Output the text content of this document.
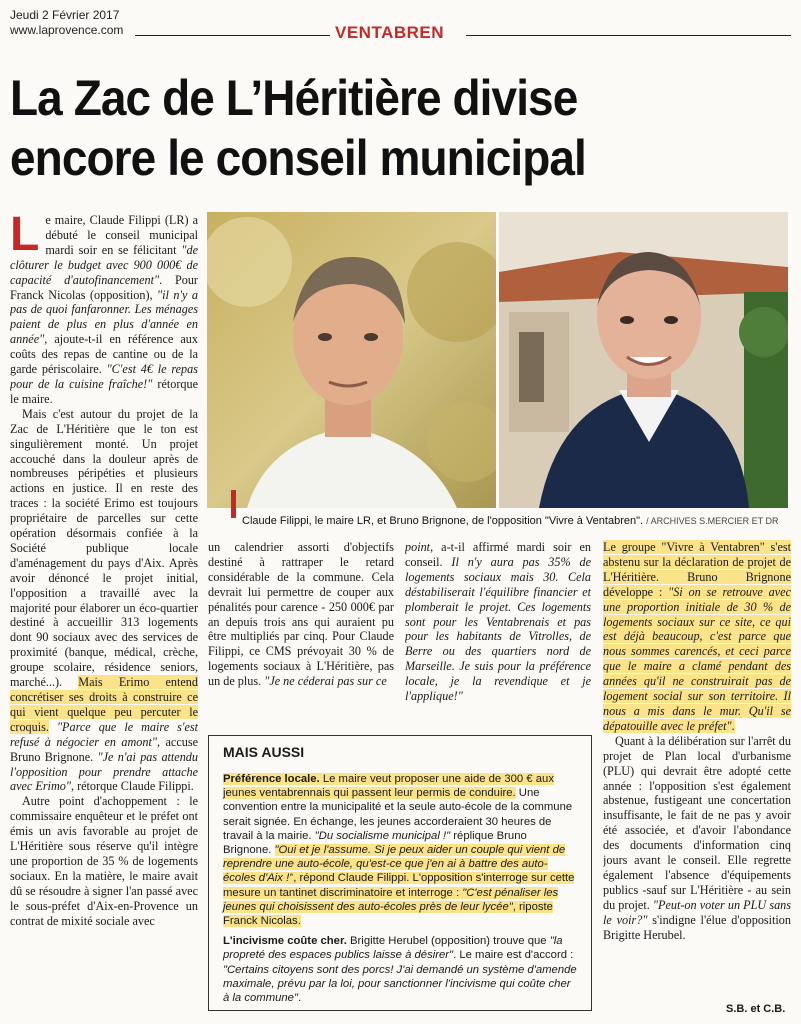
Jeudi 2 Février 2017
www.laprovence.com	VENTABREN
La Zac de L’Héritière divise
encore le conseil municipal
Claude Filippi, le maire LR, et Bruno Brignone, de l'opposition "Vivre à Ventabren". / ARCHIVES S.MERCIER ET DR

Le maire, Claude Filippi (LR) a débuté le conseil municipal mardi soir en se félicitant "de clôturer le budget avec 900 000€ de capacité d'autofinancement". Pour Franck Nicolas (opposition), "il n'y a pas de quoi fanfaronner. Les ménages paient de plus en plus d'année en année", ajoute-t-il en référence aux coûts des repas de cantine ou de la garde périscolaire. "C'est 4€ le repas pour de la cuisine fraîche!" rétorque le maire.

Mais c'est autour du projet de la Zac de L'Héritière que le ton est singulièrement monté. Un projet accouché dans la douleur après de nombreuses péripéties et plusieurs actions en justice. Il en reste des traces : la société Erimo est toujours propriétaire de parcelles sur cette opération désormais confiée à la Société publique locale d'aménagement du pays d'Aix. Après avoir dénoncé le projet initial, l'opposition a travaillé avec la majorité pour élaborer un éco-quartier destiné à accueillir 313 logements dont 90 sociaux avec des services de proximité (banque, médical, crèche, groupe scolaire, résidence seniors, marché...). Mais Erimo entend concrétiser ses droits à construire ce qui vient quelque peu percuter le croquis. "Parce que le maire s'est refusé à négocier en amont", accuse Bruno Brignone. "Je n'ai pas attendu l'opposition pour prendre attache avec Erimo", rétorque Claude Filippi.

Autre point d'achoppement : le commissaire enquêteur et le préfet ont émis un avis favorable au projet de L'Héritière sous réserve qu'il intègre une proportion de 35 % de logements sociaux. En la matière, le maire avait dû se résoudre à signer l'an passé avec le sous-préfet d'Aix-en-Provence un contrat de mixité sociale avec

un calendrier assorti d'objectifs destiné à rattraper le retard considérable de la commune. Cela devrait lui permettre de couper aux pénalités pour carence - 250 000€ par an depuis trois ans qui auraient pu être multipliés par cinq. Pour Claude Filippi, ce CMS prévoyait 30 % de logements sociaux à L'Héritière, pas un de plus. "Je ne céderai pas sur ce

point, a-t-il affirmé mardi soir en conseil. Il n'y aura pas 35% de logements sociaux mais 30. Cela déstabiliserait l'équilibre financier et plomberait le projet. Ces logements sont pour les Ventabrenais et pas pour les habitants de Vitrolles, de Berre ou des quartiers nord de Marseille. Je suis pour la préférence locale, je la revendique et je l'applique!"

MAIS AUSSI

Préférence locale. Le maire veut proposer une aide de 300 € aux jeunes ventabrennais qui passent leur permis de conduire. Une convention entre la municipalité et la seule auto-école de la commune serait signée. En échange, les jeunes accorderaient 30 heures de travail à la mairie. "Du socialisme municipal !" réplique Bruno Brignone. "Oui et je l'assume. Si je peux aider un couple qui vient de reprendre une auto-école, qu'est-ce que j'en ai à battre des auto-écoles d'Aix !", répond Claude Filippi. L'opposition s'interroge sur cette mesure un tantinet discriminatoire et interroge : "C'est pénaliser les jeunes qui choisissent des auto-écoles près de leur lycée", riposte Franck Nicolas.

L'incivisme coûte cher. Brigitte Herubel (opposition) trouve que "la propreté des espaces publics laisse à désirer". Le maire est d'accord : "Certains citoyens sont des porcs! J'ai demandé un système d'amende maximale, prévu par la loi, pour sanctionner l'incivisme qui coûte cher à la commune".

Le groupe "Vivre à Ventabren" s'est abstenu sur la déclaration de projet de L'Héritière. Bruno Brignone développe : "Si on se retrouve avec une proportion initiale de 30 % de logements sociaux sur ce site, ce qui est déjà beaucoup, c'est parce que nous sommes carencés, et ceci parce que le maire a clamé pendant des années qu'il ne construirait pas de logement social sur son territoire. Il nous a mis dans le mur. Qu'il se dépatouille avec le préfet".

Quant à la délibération sur l'arrêt du projet de Plan local d'urbanisme (PLU) qui devrait être adopté cette année : l'opposition s'est également abstenue, fustigeant une concertation insuffisante, le fait de ne pas y avoir été associée, et d'avoir l'abondance des documents d'information cinq jours avant le conseil. Elle regrette également l'absence d'équipements publics -sauf sur L'Héritière - au sein du projet. "Peut-on voter un PLU sans le voir?" s'indigne l'élue d'opposition Brigitte Herubel.

S.B. et C.B.
